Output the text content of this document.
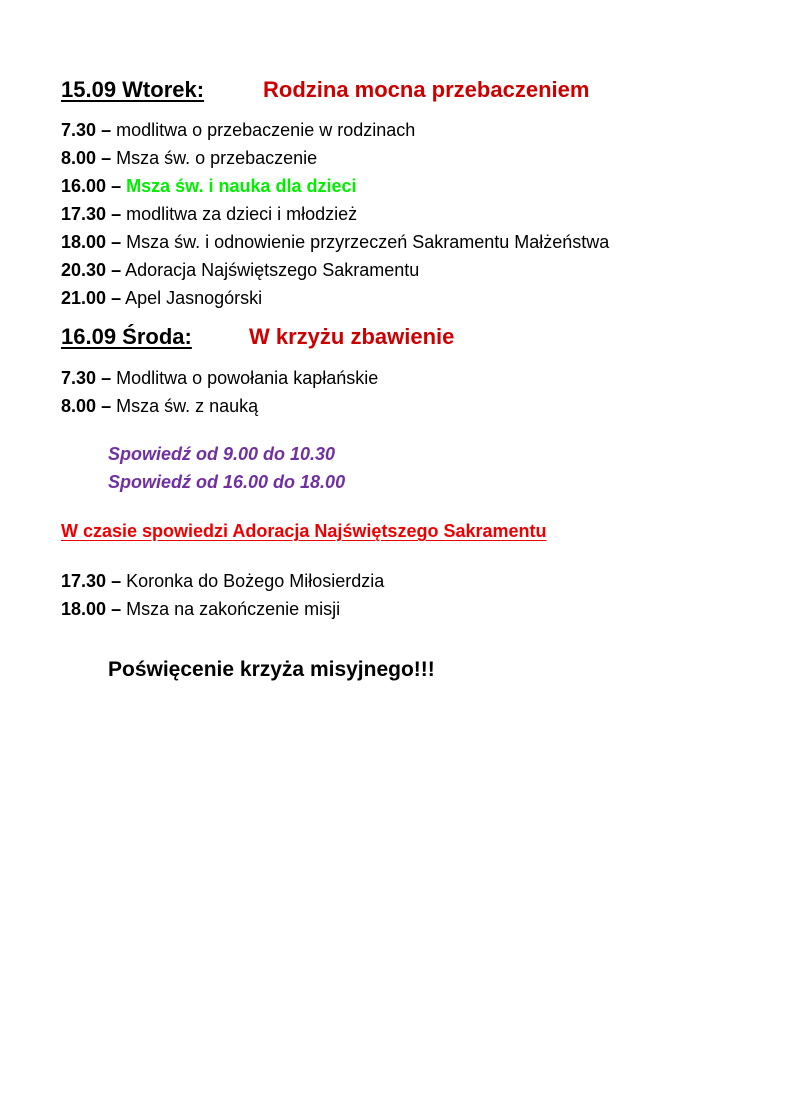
15.09 Wtorek:	Rodzina mocna przebaczeniem
7.30 – modlitwa o przebaczenie w rodzinach
8.00 – Msza św. o przebaczenie
16.00 – Msza św. i nauka dla dzieci
17.30 – modlitwa za dzieci i młodzież
18.00 – Msza św. i odnowienie przyrzeczeń Sakramentu Małżeństwa
20.30 – Adoracja Najświętszego Sakramentu
21.00 – Apel Jasnogórski
16.09 Środa:	W krzyżu zbawienie
7.30 – Modlitwa o powołania kapłańskie
8.00 – Msza św. z nauką
Spowiedź od 9.00 do 10.30
Spowiedź od 16.00 do 18.00
W czasie spowiedzi Adoracja Najświętszego Sakramentu
17.30 – Koronka do Bożego Miłosierdzia
18.00 – Msza na zakończenie misji
Poświęcenie krzyża misyjnego!!!
